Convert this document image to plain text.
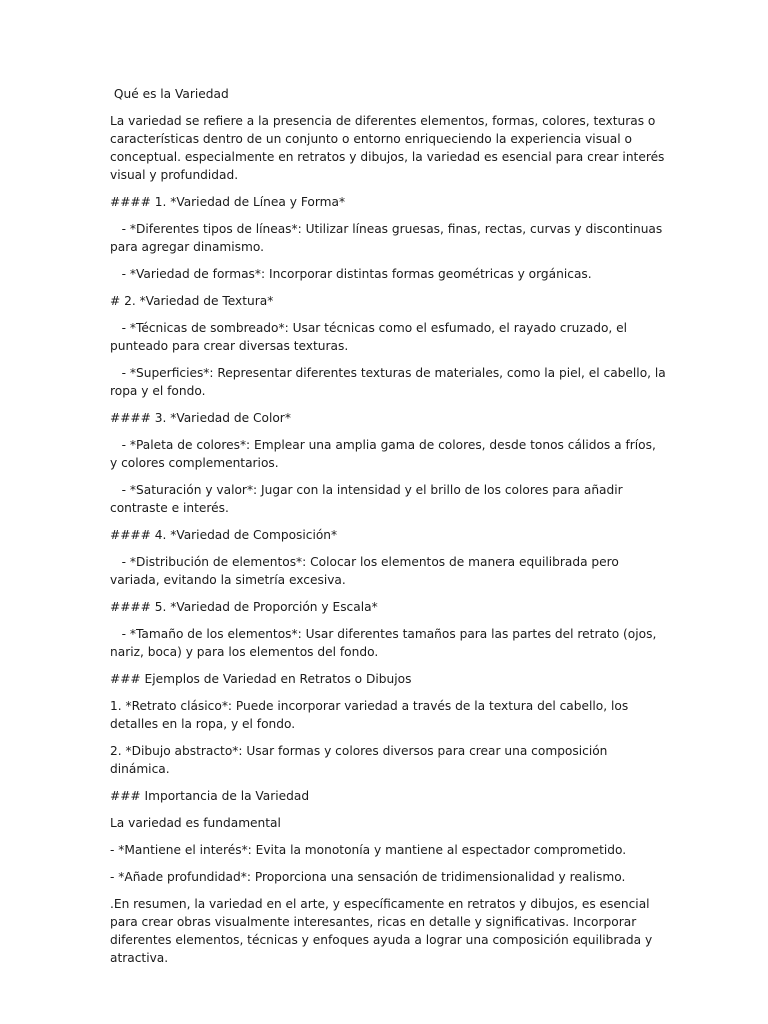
Qué es la Variedad

La variedad se refiere a la presencia de diferentes elementos, formas, colores, texturas o características dentro de un conjunto o entorno enriqueciendo la experiencia visual o conceptual. especialmente en retratos y dibujos, la variedad es esencial para crear interés visual y profundidad.

#### 1. *Variedad de Línea y Forma*

- *Diferentes tipos de líneas*: Utilizar líneas gruesas, finas, rectas, curvas y discontinuas para agregar dinamismo.

- *Variedad de formas*: Incorporar distintas formas geométricas y orgánicas.

# 2. *Variedad de Textura*

- *Técnicas de sombreado*: Usar técnicas como el esfumado, el rayado cruzado, el punteado para crear diversas texturas.

- *Superficies*: Representar diferentes texturas de materiales, como la piel, el cabello, la ropa y el fondo.

#### 3. *Variedad de Color*

- *Paleta de colores*: Emplear una amplia gama de colores, desde tonos cálidos a fríos, y colores complementarios.

- *Saturación y valor*: Jugar con la intensidad y el brillo de los colores para añadir contraste e interés.

#### 4. *Variedad de Composición*

- *Distribución de elementos*: Colocar los elementos de manera equilibrada pero variada, evitando la simetría excesiva.

#### 5. *Variedad de Proporción y Escala*

- *Tamaño de los elementos*: Usar diferentes tamaños para las partes del retrato (ojos, nariz, boca) y para los elementos del fondo.

### Ejemplos de Variedad en Retratos o Dibujos

1. *Retrato clásico*: Puede incorporar variedad a través de la textura del cabello, los detalles en la ropa, y el fondo.

2. *Dibujo abstracto*: Usar formas y colores diversos para crear una composición dinámica.

### Importancia de la Variedad

La variedad es fundamental

- *Mantiene el interés*: Evita la monotonía y mantiene al espectador comprometido.

- *Añade profundidad*: Proporciona una sensación de tridimensionalidad y realismo.

.En resumen, la variedad en el arte, y específicamente en retratos y dibujos, es esencial para crear obras visualmente interesantes, ricas en detalle y significativas. Incorporar diferentes elementos, técnicas y enfoques ayuda a lograr una composición equilibrada y atractiva.
